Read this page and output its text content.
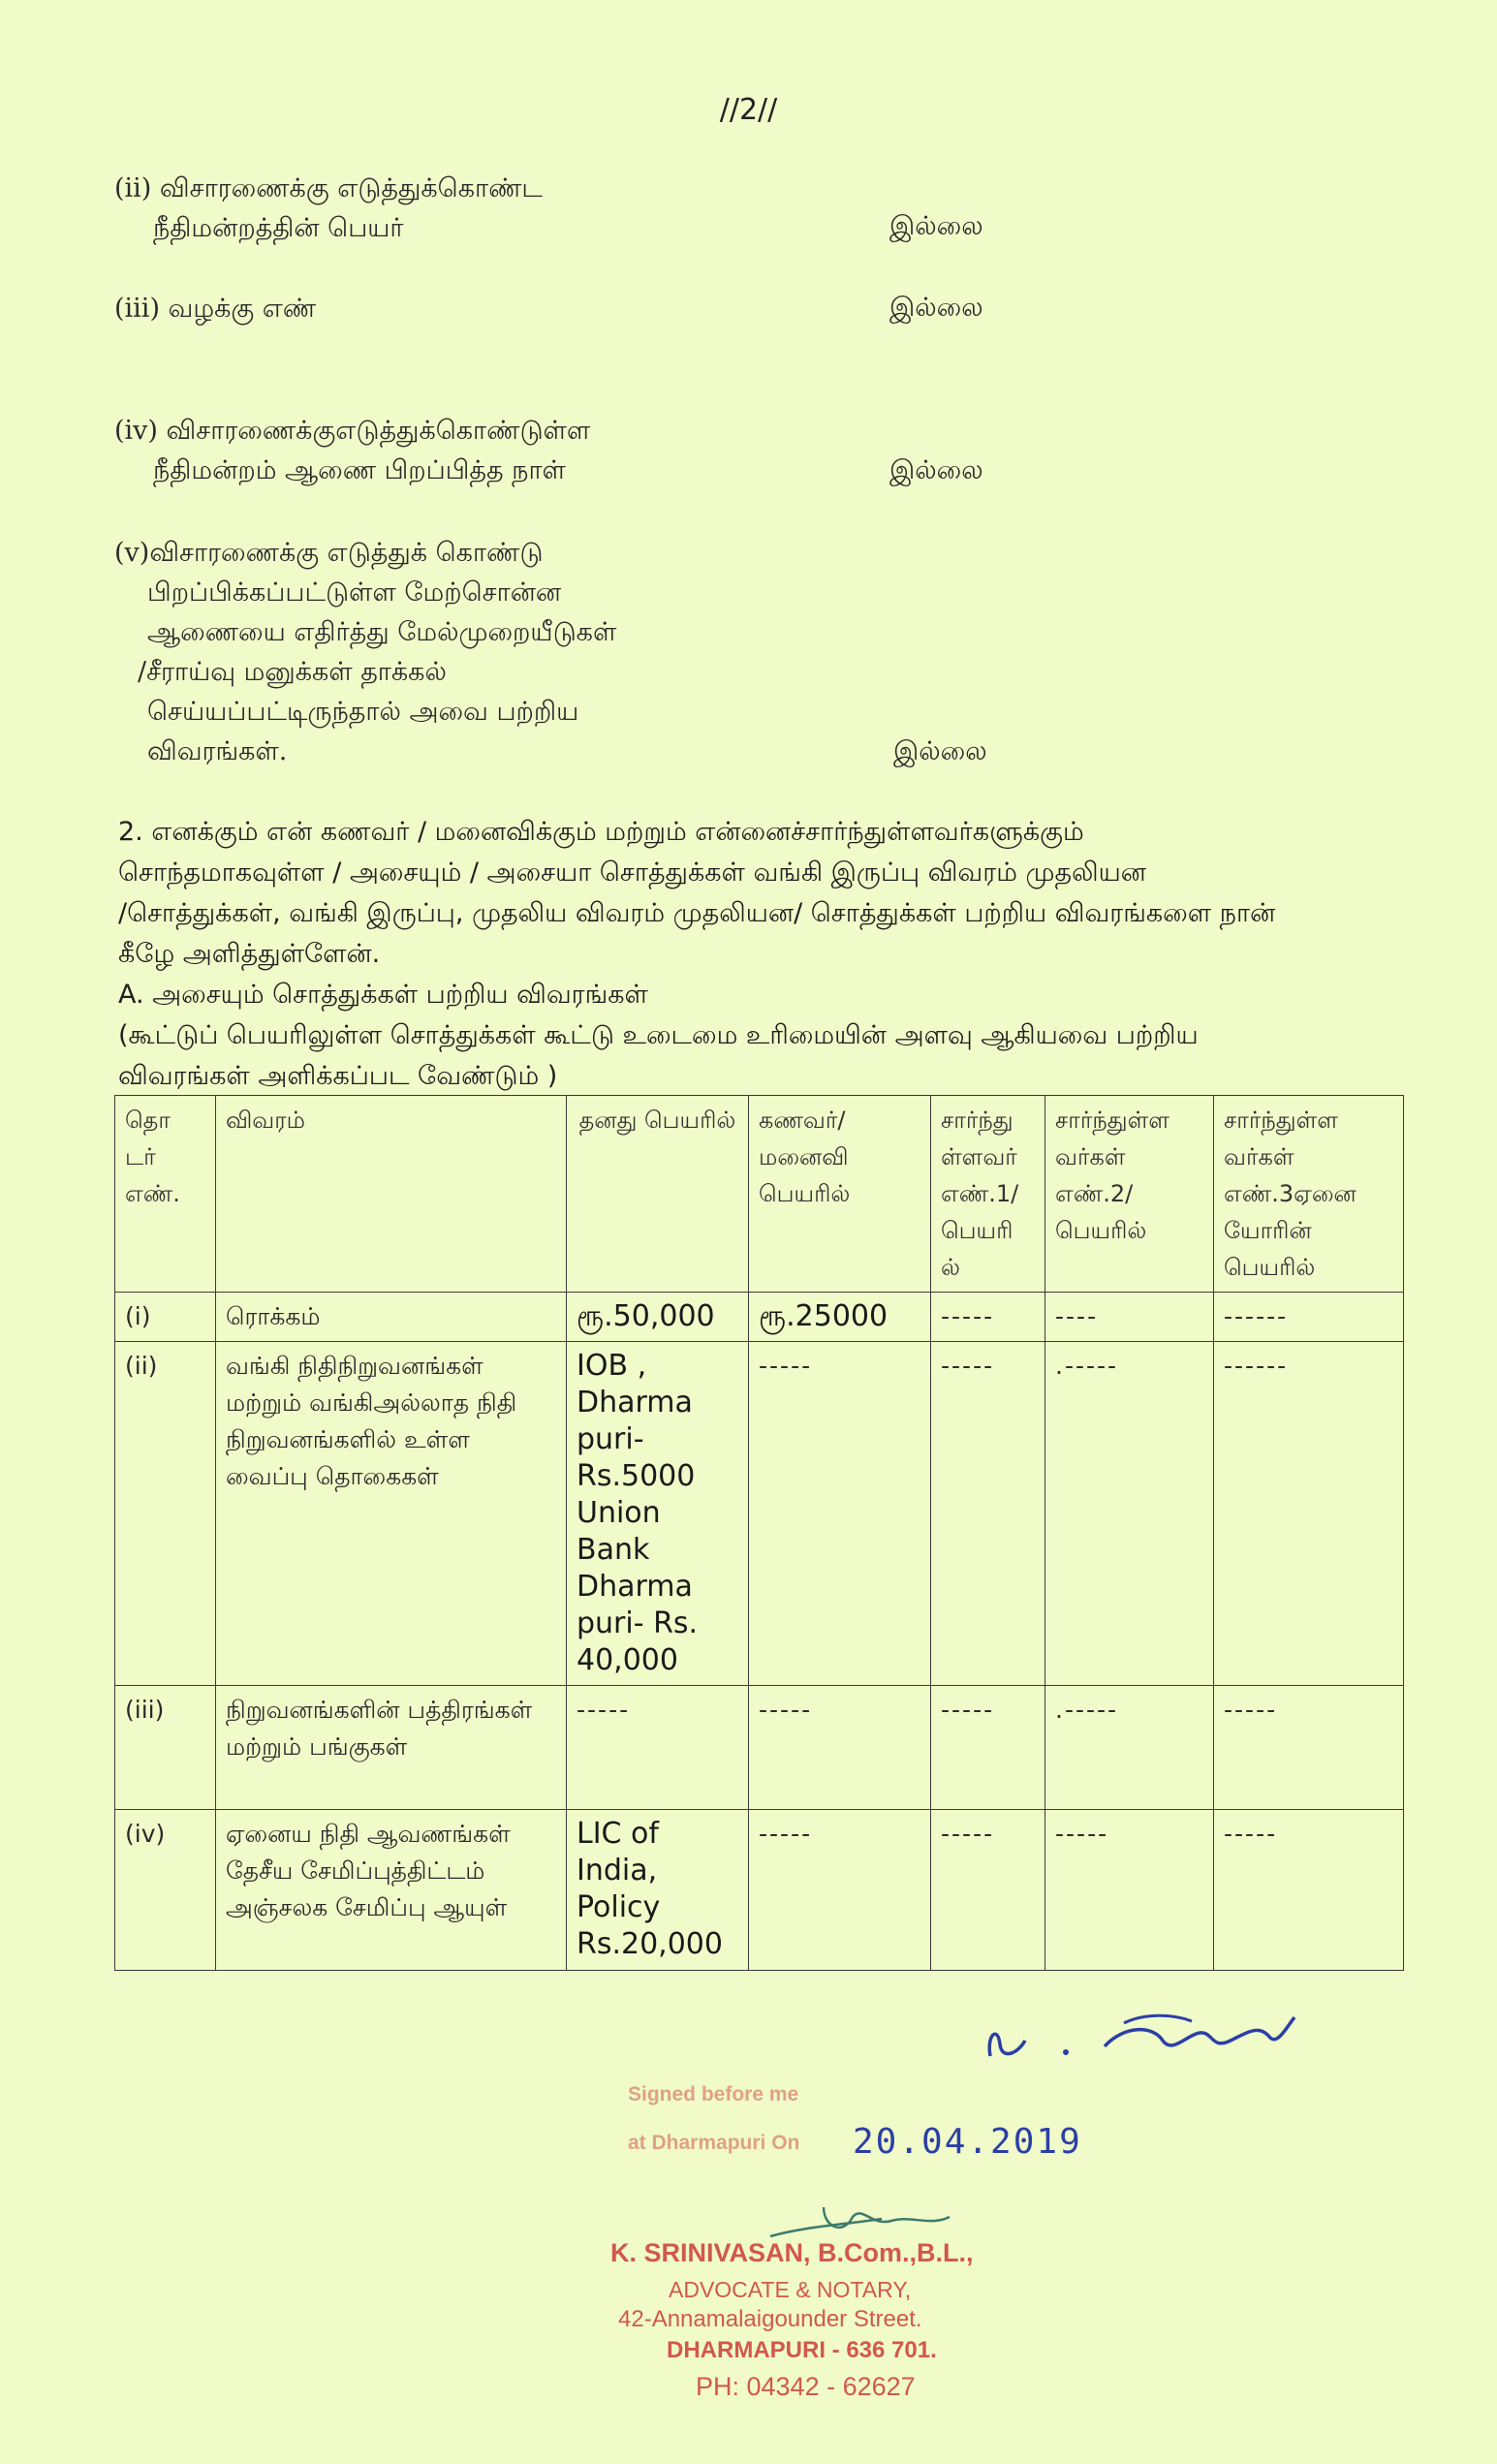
//2//
(ii) விசாரணைக்கு எடுத்துக்கொண்ட
நீதிமன்றத்தின் பெயர்	இல்லை
(iii) வழக்கு எண்	இல்லை
(iv) விசாரணைக்குஎடுத்துக்கொண்டுள்ள
நீதிமன்றம் ஆணை பிறப்பித்த நாள்	இல்லை
(v)விசாரணைக்கு எடுத்துக் கொண்டு
பிறப்பிக்கப்பட்டுள்ள மேற்சொன்ன
ஆணையை எதிர்த்து மேல்முறையீடுகள்
/சீராய்வு மனுக்கள் தாக்கல்
செய்யப்பட்டிருந்தால் அவை பற்றிய
விவரங்கள்.	இல்லை
2. எனக்கும் என் கணவர் / மனைவிக்கும் மற்றும் என்னைச்சார்ந்துள்ளவர்களுக்கும்
சொந்தமாகவுள்ள / அசையும் / அசையா சொத்துக்கள் வங்கி இருப்பு விவரம் முதலியன
/சொத்துக்கள், வங்கி இருப்பு, முதலிய விவரம் முதலியன/ சொத்துக்கள் பற்றிய விவரங்களை நான்
கீழே அளித்துள்ளேன்.
A. அசையும் சொத்துக்கள் பற்றிய விவரங்கள்
(கூட்டுப் பெயரிலுள்ள சொத்துக்கள் கூட்டு உடைமை உரிமையின் அளவு ஆகியவை பற்றிய
விவரங்கள் அளிக்கப்பட வேண்டும் )
தொ டர் எண்.	விவரம்	தனது பெயரில்	கணவர்/ மனைவி பெயரில்	சார்ந்து ள்ளவர் எண்.1/ பெயரி ல்	சார்ந்துள்ள வர்கள் எண்.2/ பெயரில்	சார்ந்துள்ள வர்கள் எண்.3ஏனை யோரின் பெயரில்
(i)	ரொக்கம்	ரூ.50,000	ரூ.25000	-----	----	------
(ii)	வங்கி நிதிநிறுவனங்கள் மற்றும் வங்கிஅல்லாத நிதி நிறுவனங்களில் உள்ள வைப்பு தொகைகள்	IOB , Dharma puri- Rs.5000 Union Bank Dharma puri- Rs. 40,000	-----	-----	.-----	------
(iii)	நிறுவனங்களின் பத்திரங்கள் மற்றும் பங்குகள்	-----	-----	-----	.-----	-----
(iv)	ஏனைய நிதி ஆவணங்கள் தேசீய சேமிப்புத்திட்டம் அஞ்சலக சேமிப்பு ஆயுள்	LIC of India, Policy Rs.20,000	-----	-----	-----	-----
Signed before me
at Dharmapuri On 20.04.2019
K. SRINIVASAN, B.Com.,B.L.,
ADVOCATE & NOTARY,
42-Annamalaigounder Street.
DHARMAPURI - 636 701.
PH: 04342 - 62627
